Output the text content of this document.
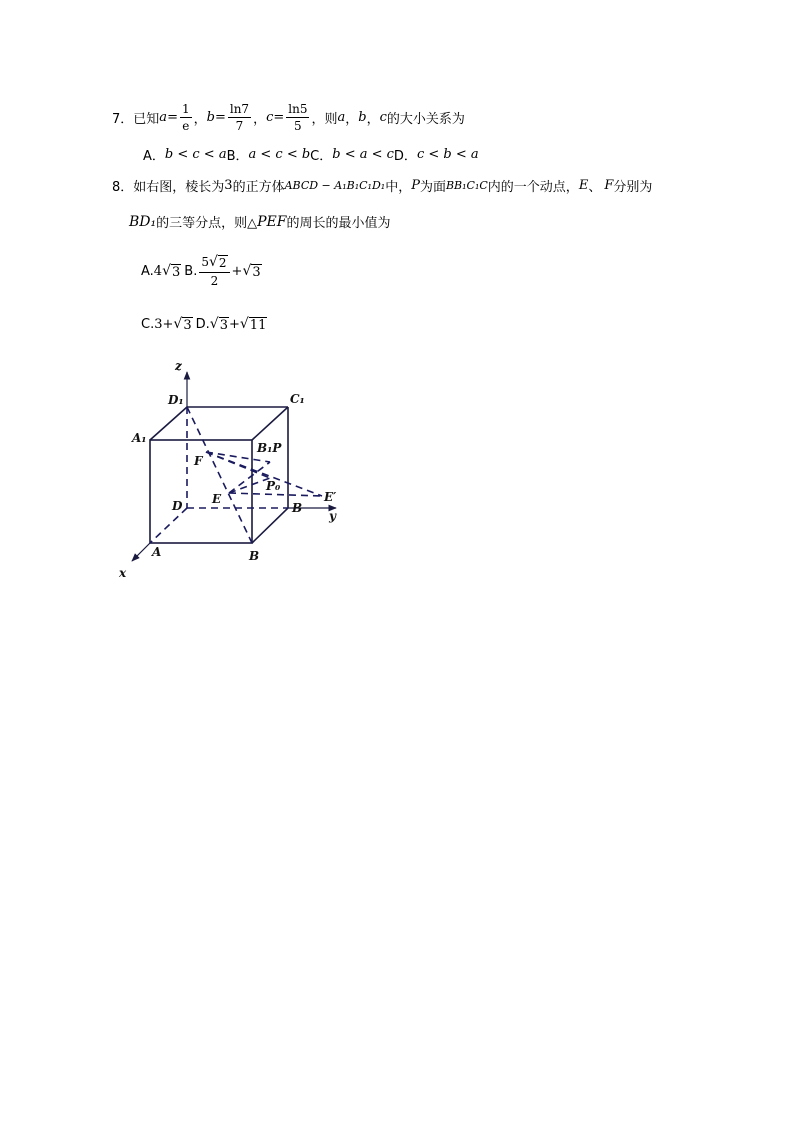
7． 已知 $a = \frac{1}{e}$ ， $b = \frac{\ln 7}{7}$ ， $c = \frac{\ln 5}{5}$ ，则 a ， b ， c 的大小关系为
A． b < c < a B． a < c < b C． b < a < c D． c < b < a
8． 如右图，棱长为 3 的正方体 ABCD − A₁B₁C₁D₁ 中， P 为面 BB₁C₁C 内的一个动点， E 、 F 分别为
BD₁ 的三等分点，则△ PEF 的周长的最小值为
A. 4 √ 3 B. $\frac{5 √ 2}{2}$ + √ 3
C. 3 + √ 3 D. √ 3 + √ 11
z
D₁	C₁
A₁
B₁P
F
P₀
E	E′
D	B
y
A	B
x
